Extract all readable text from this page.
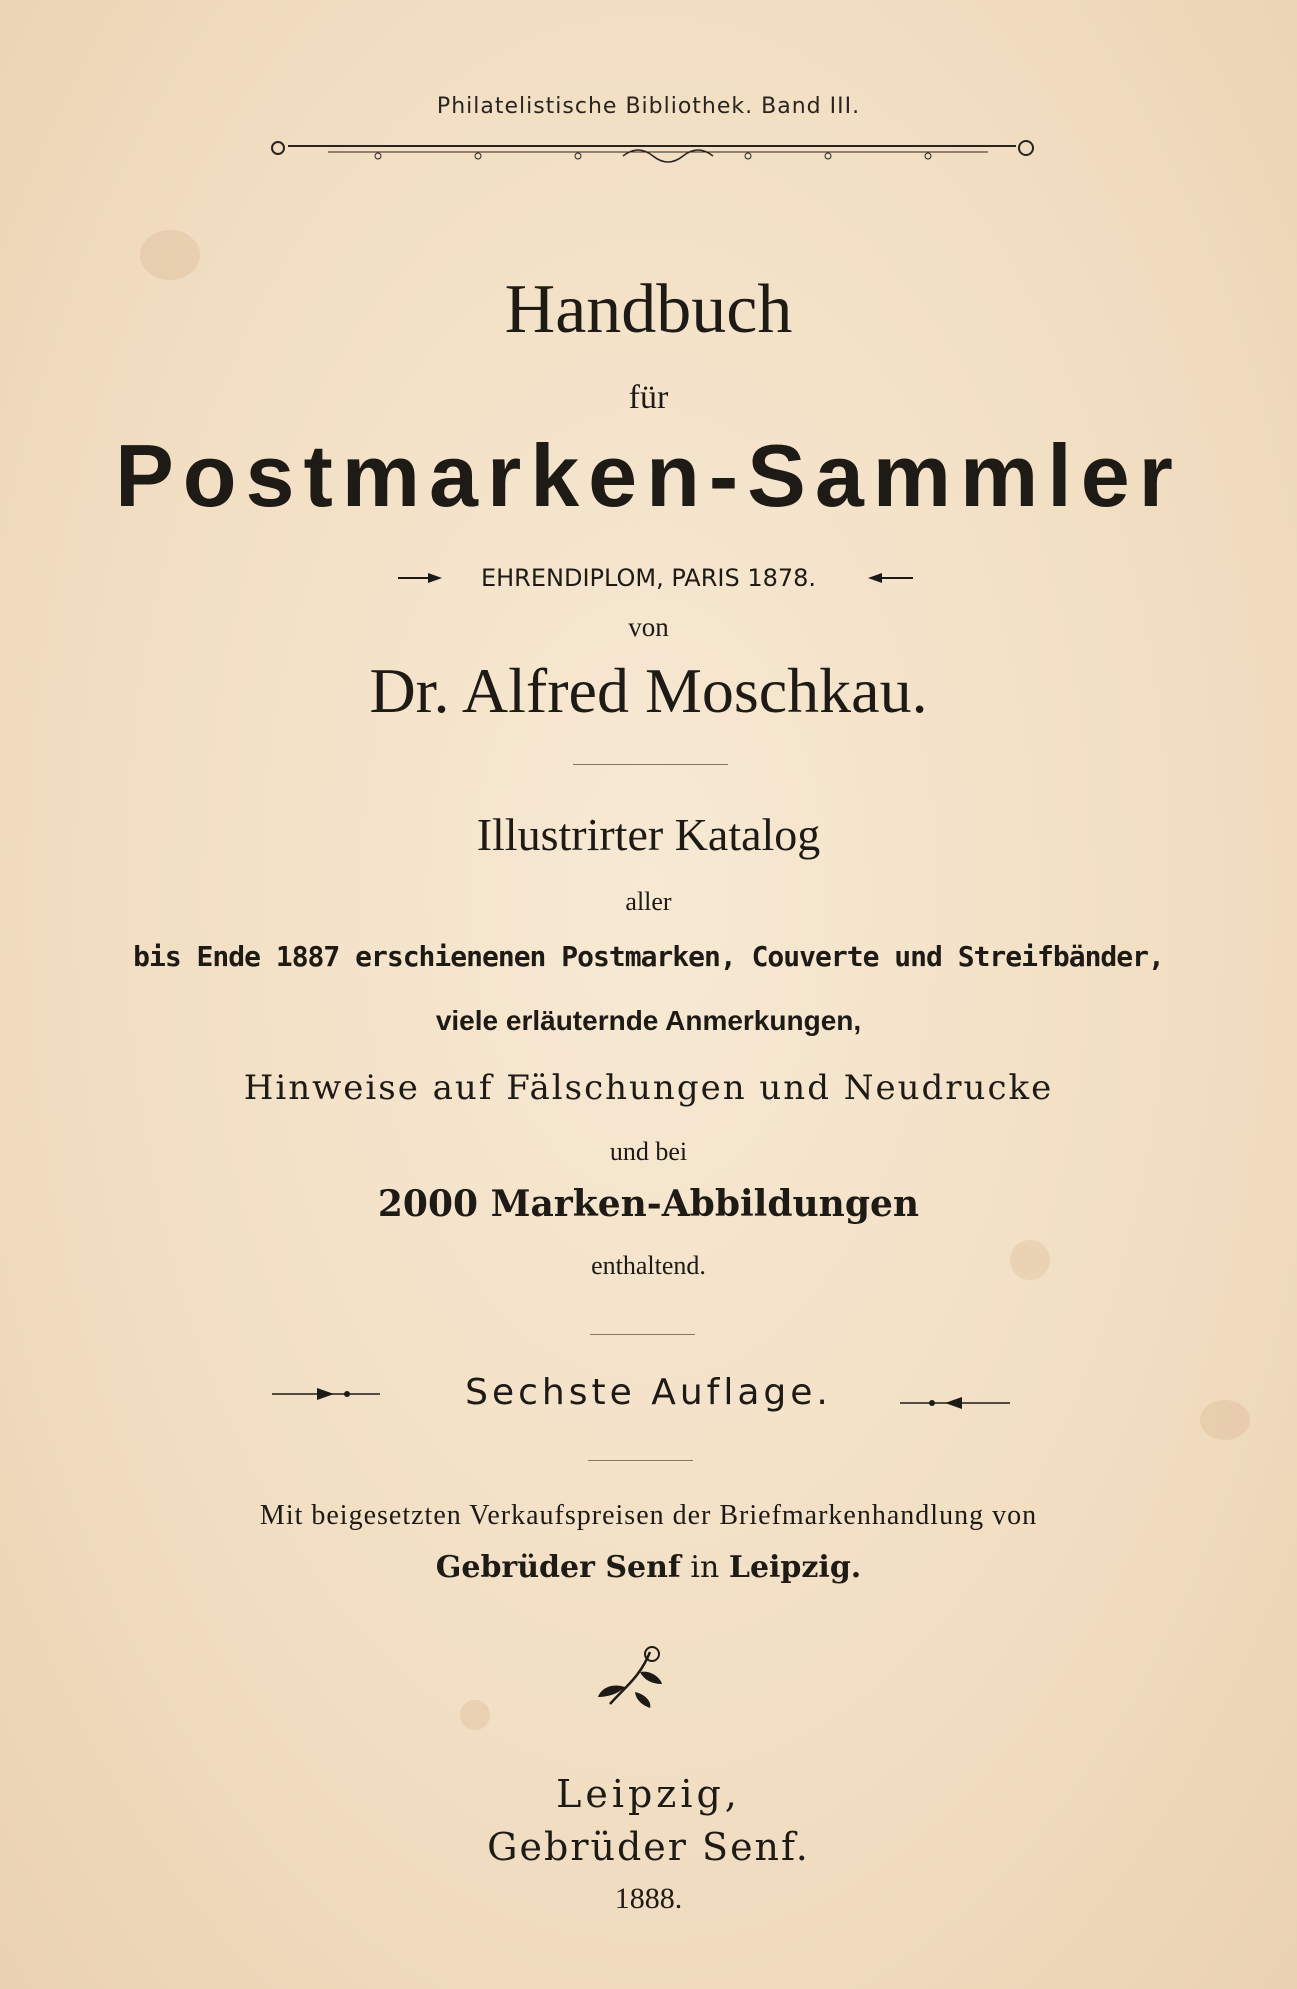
Philatelistische Bibliothek. Band III.
Handbuch
für
Postmarken-Sammler
EHRENDIPLOM, PARIS 1878.
von
Dr. Alfred Moschkau.
Illustrirter Katalog
aller
bis Ende 1887 erschienenen Postmarken, Couverte und Streifbänder,
viele erläuternde Anmerkungen,
Hinweise auf Fälschungen und Neudrucke
und bei
2000 Marken-Abbildungen
enthaltend.
Sechste Auflage.
Mit beigesetzten Verkaufspreisen der Briefmarkenhandlung von
Gebrüder Senf in Leipzig.
Leipzig,
Gebrüder Senf.
1888.
